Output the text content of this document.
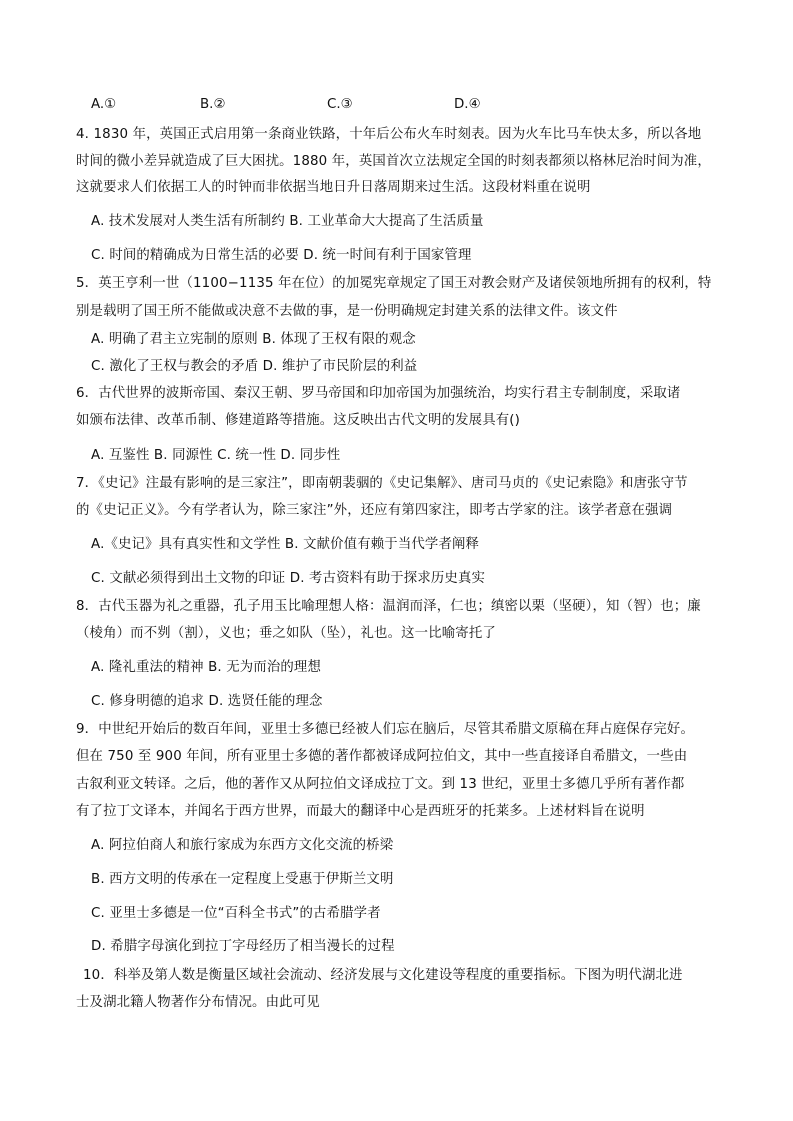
A.①	B.②	C.③	D.④
4. 1830 年，英国正式启用第一条商业铁路，十年后公布火车时刻表。因为火车比马车快太多，所以各地
时间的微小差异就造成了巨大困扰。1880 年，英国首次立法规定全国的时刻表都须以格林尼治时间为准，
这就要求人们依据工人的时钟而非依据当地日升日落周期来过生活。这段材料重在说明
A. 技术发展对人类生活有所制约 B. 工业革命大大提高了生活质量
C. 时间的精确成为日常生活的必要 D. 统一时间有利于国家管理
5．英王亨利一世（1100−1135 年在位）的加冕宪章规定了国王对教会财产及诸侯领地所拥有的权利，特
别是载明了国王所不能做或决意不去做的事，是一份明确规定封建关系的法律文件。该文件
A. 明确了君主立宪制的原则 B. 体现了王权有限的观念
C. 激化了王权与教会的矛盾 D. 维护了市民阶层的利益
6．古代世界的波斯帝国、秦汉王朝、罗马帝国和印加帝国为加强统治，均实行君主专制制度，采取诸
如颁布法律、改革币制、修建道路等措施。这反映出古代文明的发展具有()
A. 互鉴性 B. 同源性 C. 统一性 D. 同步性
7．《史记》注最有影响的是三家注”，即南朝裴骃的《史记集解》、唐司马贞的《史记索隐》和唐张守节
的《史记正义》。今有学者认为，除三家注”外，还应有第四家注，即考古学家的注。该学者意在强调
A.《史记》具有真实性和文学性 B. 文献价值有赖于当代学者阐释
C. 文献必须得到出土文物的印证 D. 考古资料有助于探求历史真实
8．古代玉器为礼之重器，孔子用玉比喻理想人格：温润而泽，仁也；缜密以栗（坚硬），知（智）也；廉
（棱角）而不刿（割），义也；垂之如队（坠），礼也。这一比喻寄托了
A. 隆礼重法的精神 B. 无为而治的理想
C. 修身明德的追求 D. 选贤任能的理念
9．中世纪开始后的数百年间，亚里士多德已经被人们忘在脑后，尽管其希腊文原稿在拜占庭保存完好。
但在 750 至 900 年间，所有亚里士多德的著作都被译成阿拉伯文，其中一些直接译自希腊文，一些由
古叙利亚文转译。之后，他的著作又从阿拉伯文译成拉丁文。到 13 世纪，亚里士多德几乎所有著作都
有了拉丁文译本，并闻名于西方世界，而最大的翻译中心是西班牙的托莱多。上述材料旨在说明
A. 阿拉伯商人和旅行家成为东西方文化交流的桥梁
B. 西方文明的传承在一定程度上受惠于伊斯兰文明
C. 亚里士多德是一位“百科全书式”的古希腊学者
D. 希腊字母演化到拉丁字母经历了相当漫长的过程
10．科举及第人数是衡量区域社会流动、经济发展与文化建设等程度的重要指标。下图为明代湖北进
士及湖北籍人物著作分布情况。由此可见
